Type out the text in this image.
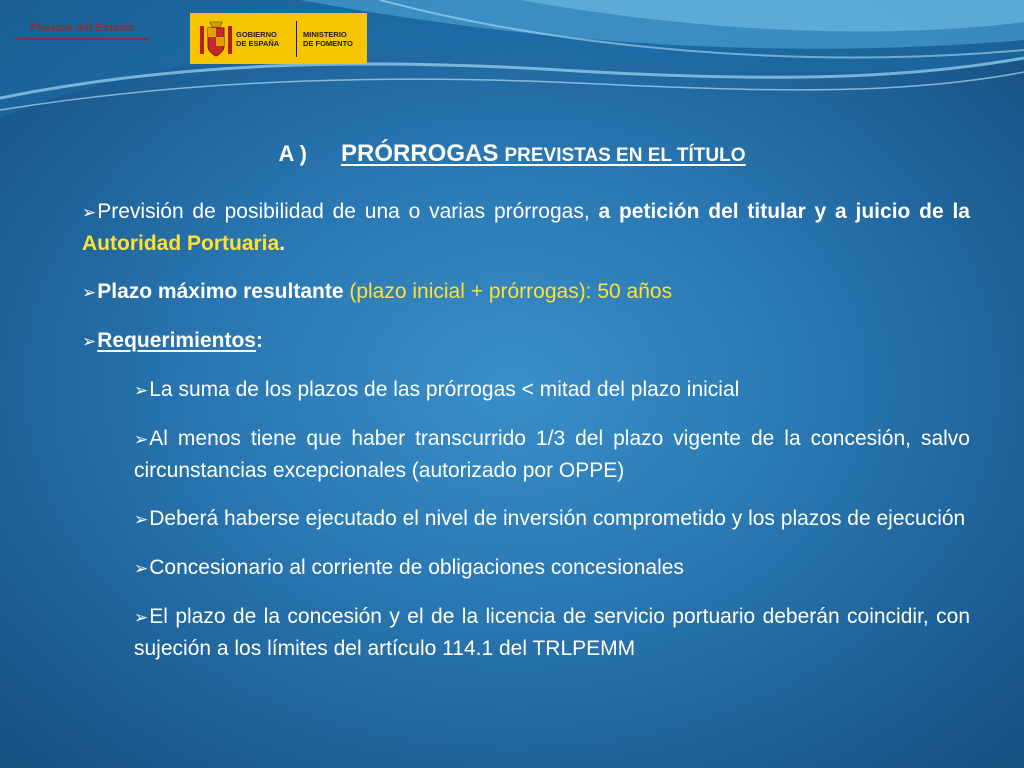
Puertos del Estado	GOBIERNO
DE ESPAÑA
MINISTERIO
DE FOMENTO
A ) PRÓRROGAS PREVISTAS EN EL TÍTULO

➢Previsión de posibilidad de una o varias prórrogas, a petición del titular y a juicio de la Autoridad Portuaria.

➢Plazo máximo resultante (plazo inicial + prórrogas): 50 años

➢Requerimientos:

➢La suma de los plazos de las prórrogas < mitad del plazo inicial

➢Al menos tiene que haber transcurrido 1/3 del plazo vigente de la concesión, salvo circunstancias excepcionales (autorizado por OPPE)

➢Deberá haberse ejecutado el nivel de inversión comprometido y los plazos de ejecución

➢Concesionario al corriente de obligaciones concesionales

➢El plazo de la concesión y el de la licencia de servicio portuario deberán coincidir, con sujeción a los límites del artículo 114.1 del TRLPEMM
